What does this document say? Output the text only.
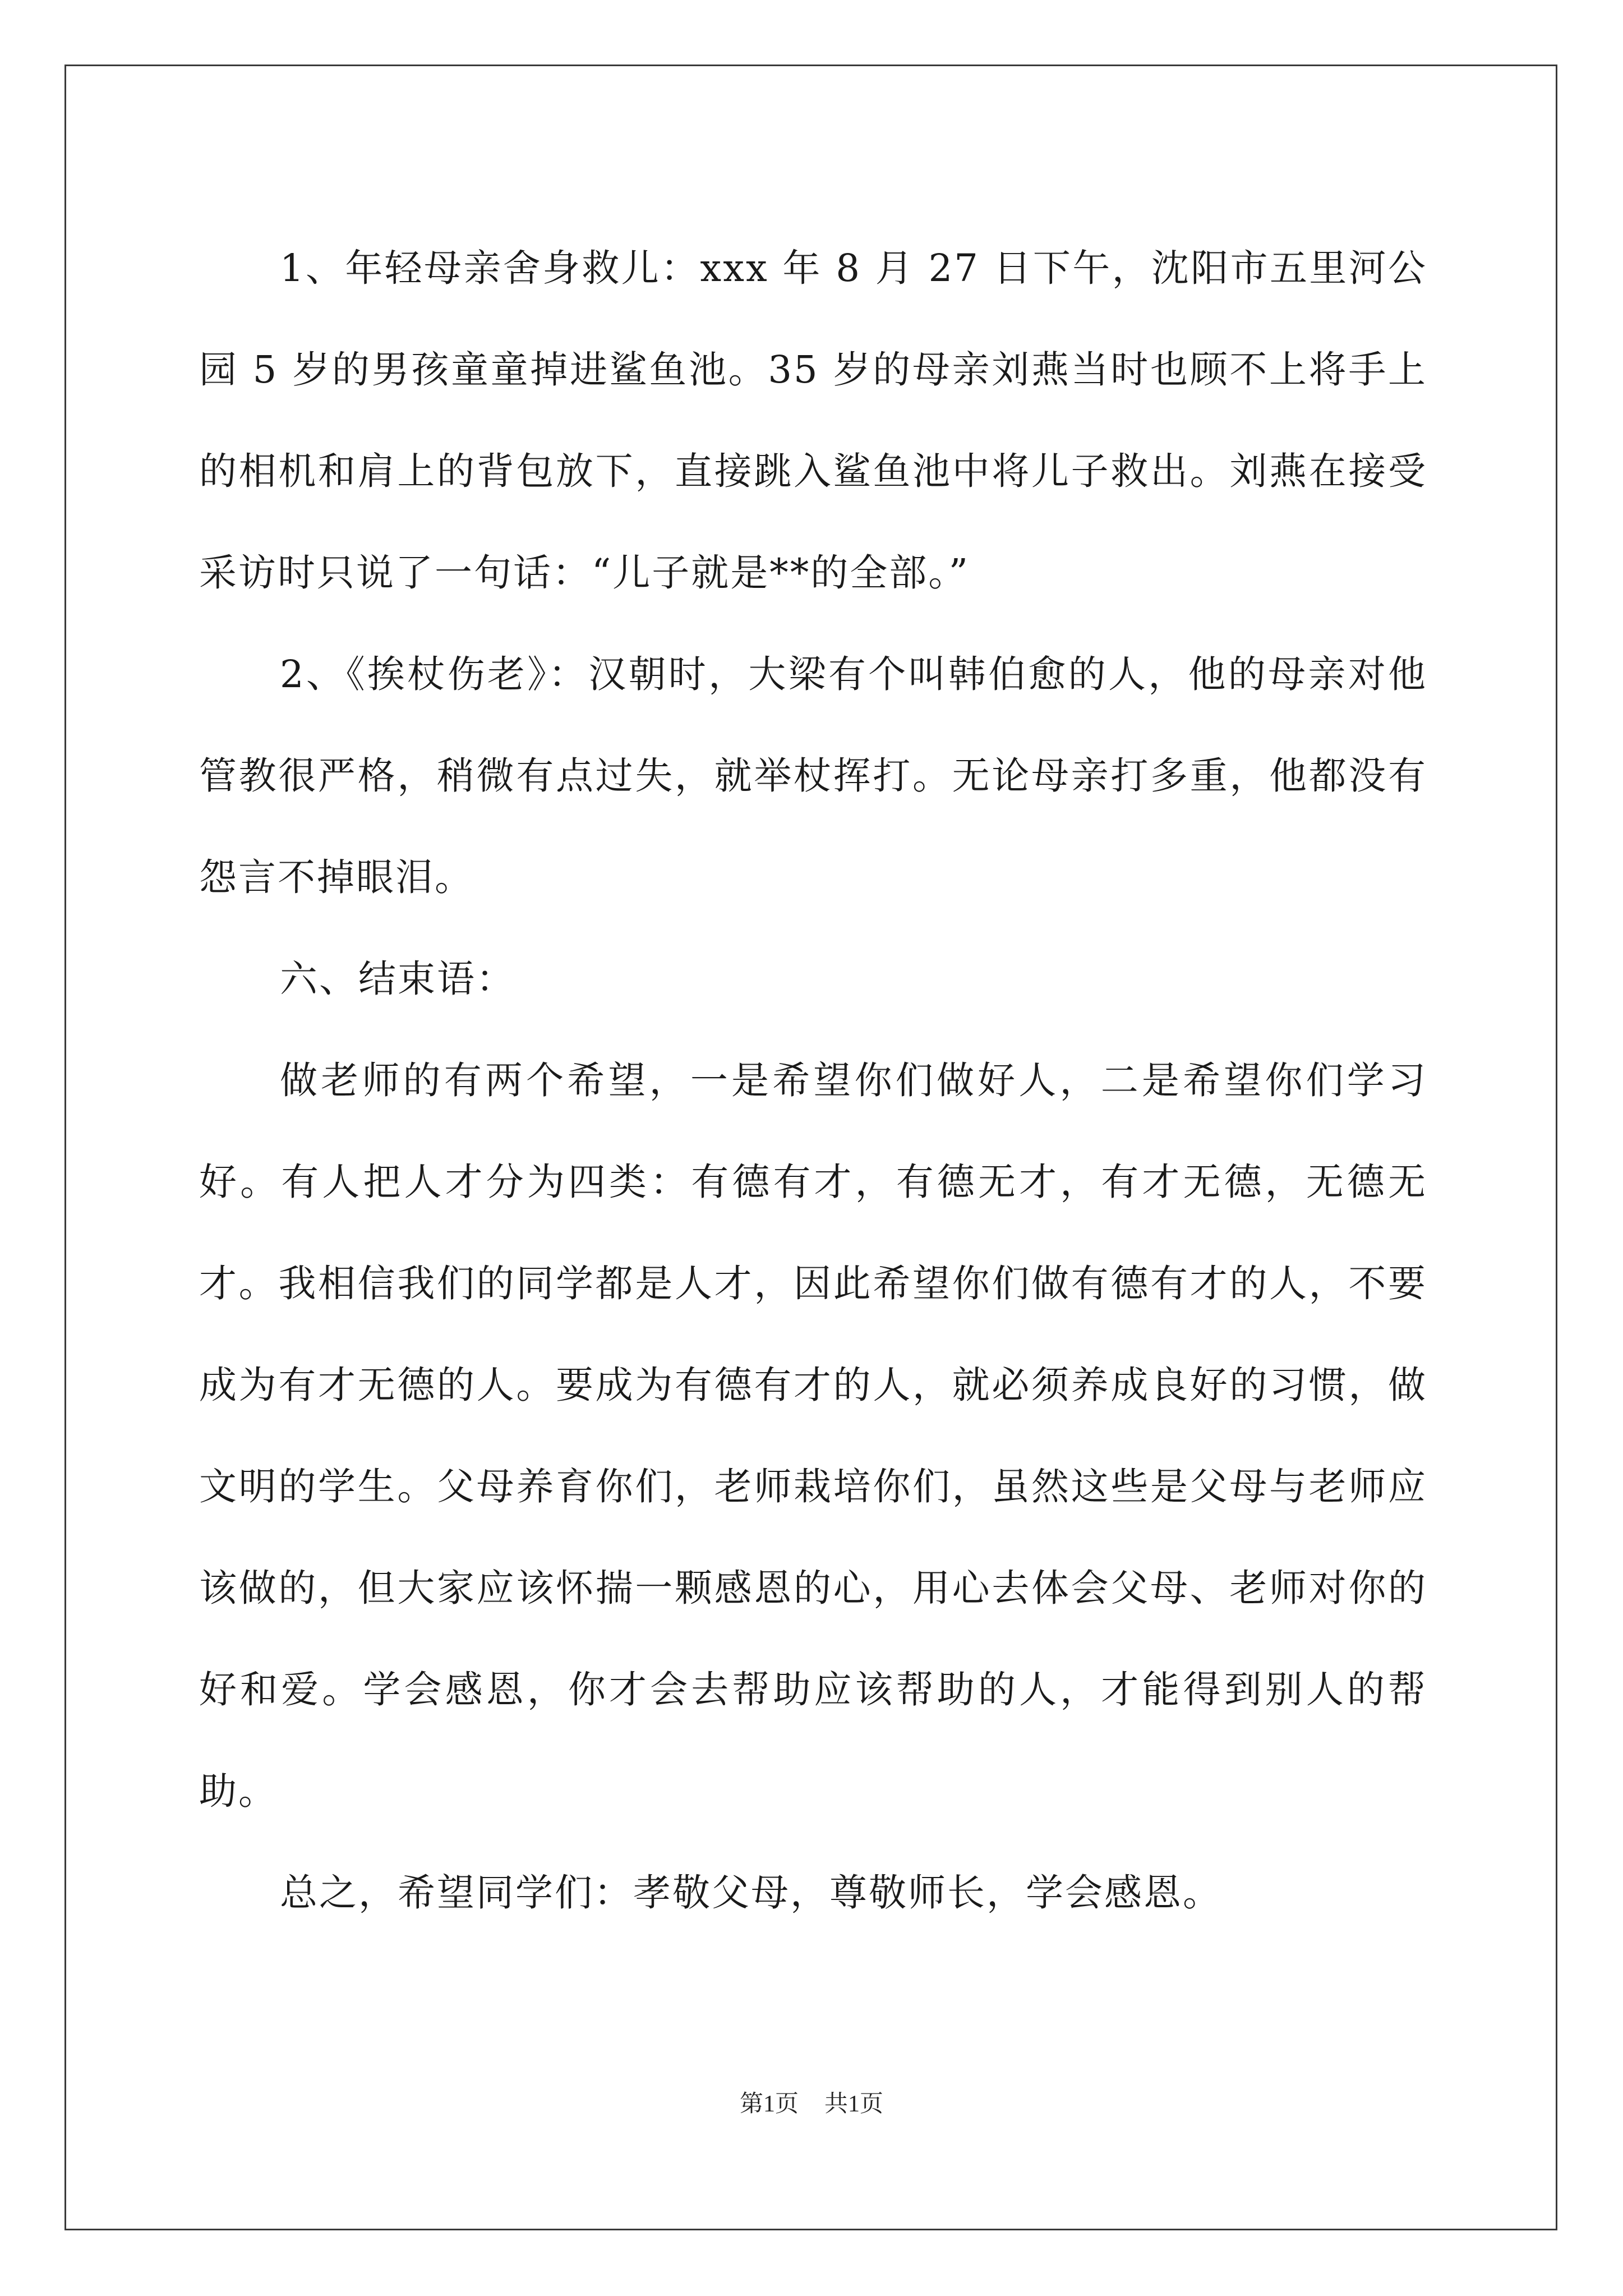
1、年轻母亲舍身救儿：xxx 年 8 月 27 日下午，沈阳市五里河公园 5 岁的男孩童童掉进鲨鱼池。35 岁的母亲刘燕当时也顾不上将手上的相机和肩上的背包放下，直接跳入鲨鱼池中将儿子救出。刘燕在接受采访时只说了一句话：“儿子就是**的全部。”

2、《挨杖伤老》：汉朝时，大梁有个叫韩伯愈的人，他的母亲对他管教很严格，稍微有点过失，就举杖挥打。无论母亲打多重，他都没有怨言不掉眼泪。

六、结束语：

做老师的有两个希望，一是希望你们做好人，二是希望你们学习好。有人把人才分为四类：有德有才，有德无才，有才无德，无德无才。我相信我们的同学都是人才，因此希望你们做有德有才的人，不要成为有才无德的人。要成为有德有才的人，就必须养成良好的习惯，做文明的学生。父母养育你们，老师栽培你们，虽然这些是父母与老师应该做的，但大家应该怀揣一颗感恩的心，用心去体会父母、老师对你的好和爱。学会感恩，你才会去帮助应该帮助的人，才能得到别人的帮助。

总之，希望同学们：孝敬父母，尊敬师长，学会感恩。

第1页 共1页
